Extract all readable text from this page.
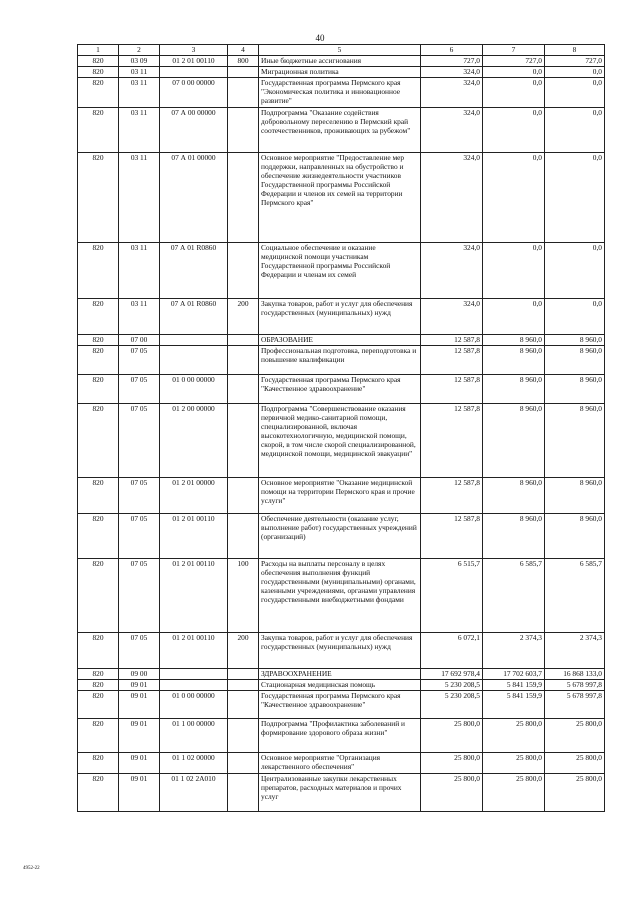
40
1	2	3	4	5	6	7	8
820	03 09	01 2 01 00110	800	Иные бюджетные ассигнования	727,0	727,0	727,0
820	03 11			Миграционная политика	324,0	0,0	0,0
820	03 11	07 0 00 00000		Государственная программа Пермского края "Экономическая политика и инновационное развитие"	324,0	0,0	0,0
820	03 11	07 А 00 00000		Подпрограмма "Оказание содействия добровольному переселению в Пермский край соотечественников, проживающих за рубежом"	324,0	0,0	0,0
820	03 11	07 А 01 00000		Основное мероприятие "Предоставление мер поддержки, направленных на обустройство и обеспечение жизнедеятельности участников Государственной программы Российской Федерации и членов их семей на территории Пермского края"	324,0	0,0	0,0
820	03 11	07 А 01 R0860		Социальное обеспечение и оказание медицинской помощи участникам Государственной программы Российской Федерации и членам их семей	324,0	0,0	0,0
820	03 11	07 А 01 R0860	200	Закупка товаров, работ и услуг для обеспечения государственных (муниципальных) нужд	324,0	0,0	0,0
820	07 00			ОБРАЗОВАНИЕ	12 587,8	8 960,0	8 960,0
820	07 05			Профессиональная подготовка, переподготовка и повышение квалификации	12 587,8	8 960,0	8 960,0
820	07 05	01 0 00 00000		Государственная программа Пермского края "Качественное здравоохранение"	12 587,8	8 960,0	8 960,0
820	07 05	01 2 00 00000		Подпрограмма "Совершенствование оказания первичной медико-санитарной помощи, специализированной, включая высокотехнологичную, медицинской помощи, скорой, в том числе скорой специализированной, медицинской помощи, медицинской эвакуации"	12 587,8	8 960,0	8 960,0
820	07 05	01 2 01 00000		Основное мероприятие "Оказание медицинской помощи на территории Пермского края и прочие услуги"	12 587,8	8 960,0	8 960,0
820	07 05	01 2 01 00110		Обеспечение деятельности (оказание услуг, выполнение работ) государственных учреждений (организаций)	12 587,8	8 960,0	8 960,0
820	07 05	01 2 01 00110	100	Расходы на выплаты персоналу в целях обеспечения выполнения функций государственными (муниципальными) органами, казенными учреждениями, органами управления государственными внебюджетными фондами	6 515,7	6 585,7	6 585,7
820	07 05	01 2 01 00110	200	Закупка товаров, работ и услуг для обеспечения государственных (муниципальных) нужд	6 072,1	2 374,3	2 374,3
820	09 00			ЗДРАВООХРАНЕНИЕ	17 692 978,4	17 702 603,7	16 868 133,0
820	09 01			Стационарная медицинская помощь	5 230 208,5	5 841 159,9	5 678 997,8
820	09 01	01 0 00 00000		Государственная программа Пермского края "Качественное здравоохранение"	5 230 208,5	5 841 159,9	5 678 997,8
820	09 01	01 1 00 00000		Подпрограмма "Профилактика заболеваний и формирование здорового образа жизни"	25 800,0	25 800,0	25 800,0
820	09 01	01 1 02 00000		Основное мероприятие "Организация лекарственного обеспечения"	25 800,0	25 800,0	25 800,0
820	09 01	01 1 02 2А010		Централизованные закупки лекарственных препаратов, расходных материалов и прочих услуг	25 800,0	25 800,0	25 800,0
4952-22
